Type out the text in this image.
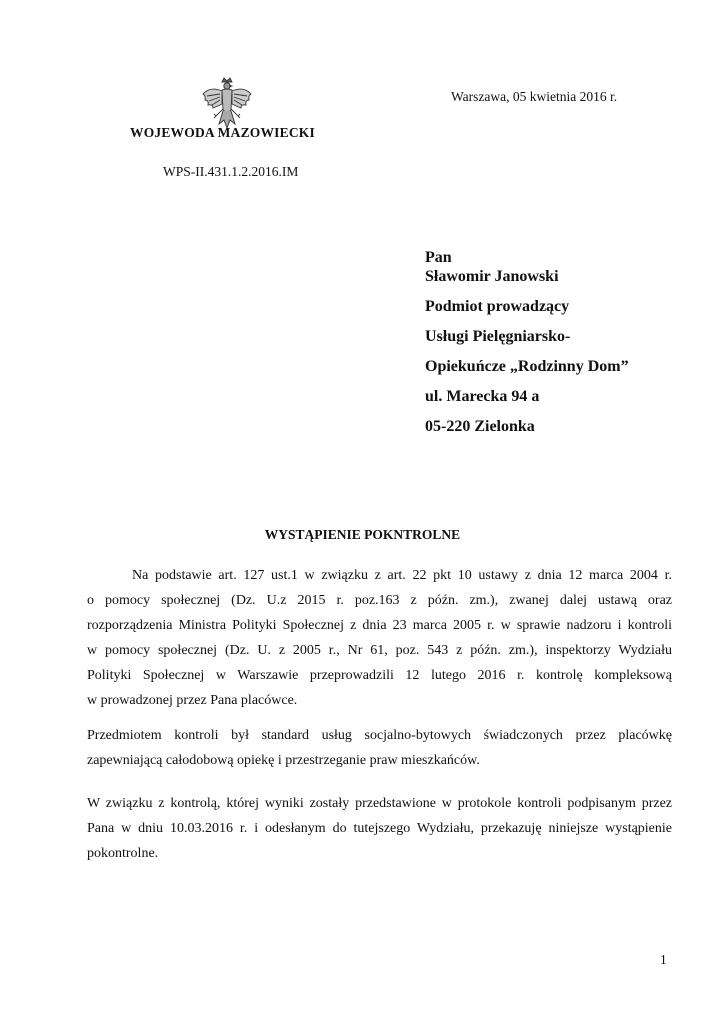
WOJEWODA MAZOWIECKI
WPS-II.431.1.2.2016.IM
Warszawa, 05 kwietnia 2016 r.
Pan
Sławomir Janowski
Podmiot prowadzący
Usługi Pielęgniarsko-
Opiekuńcze „Rodzinny Dom”
ul. Marecka 94 a
05-220 Zielonka
WYSTĄPIENIE POKNTROLNE
Na podstawie art. 127 ust.1 w związku z art. 22 pkt 10 ustawy z dnia 12 marca 2004 r.
o pomocy społecznej (Dz. U.z 2015 r. poz.163 z późn. zm.), zwanej dalej ustawą oraz
rozporządzenia Ministra Polityki Społecznej z dnia 23 marca 2005 r. w sprawie nadzoru i kontroli
w pomocy społecznej (Dz. U. z 2005 r., Nr 61, poz. 543 z późn. zm.), inspektorzy Wydziału
Polityki Społecznej w Warszawie przeprowadzili 12 lutego 2016 r. kontrolę kompleksową
w prowadzonej przez Pana placówce.
Przedmiotem kontroli był standard usług socjalno-bytowych świadczonych przez placówkę
zapewniającą całodobową opiekę i przestrzeganie praw mieszkańców.
W związku z kontrolą, której wyniki zostały przedstawione w protokole kontroli podpisanym przez
Pana w dniu 10.03.2016 r. i odesłanym do tutejszego Wydziału, przekazuję niniejsze wystąpienie
pokontrolne.
1
